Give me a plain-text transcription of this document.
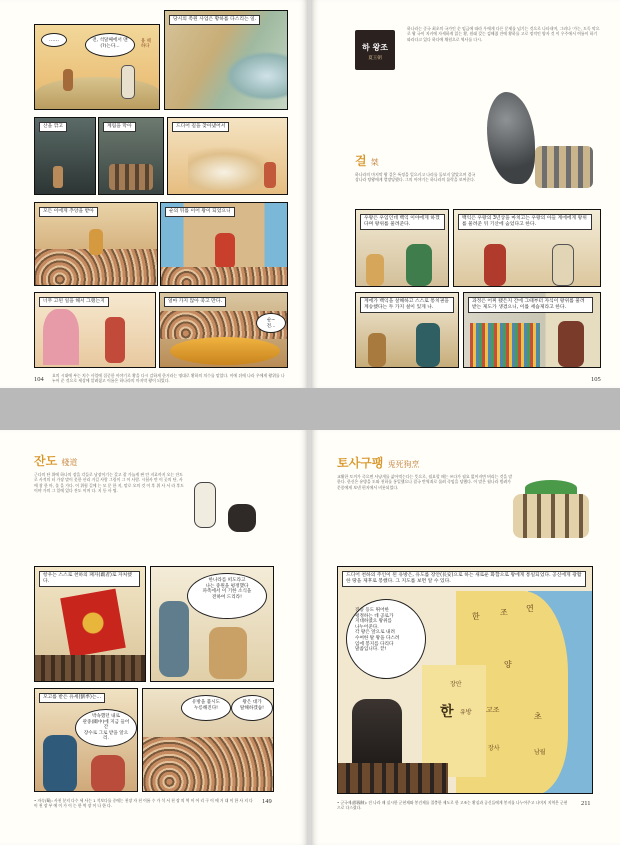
전, 석달째에서 맨 (?)는다...
……	용 떼
하다
당시의 촉원 사업은 황하를 다스리는 일.
산을 깎고	계림을 막아	드디어 길을 찾아냈어서
모든 이에게 추앙을 받아	순의 뒤를 이어 왕이 되었으니
너무 고된 일을 해서 그랬는지	얼마 가지 않아 죽고 만다.
순~ 전...
104
요의 시대에 부는 치수 사업에 집중한 이야기로 황을 다시 감하게 한거라는 명대로 황하의 치수를 맡았다. 이에 뒤에 나라 우에게 왕위를 나누어 준 것으로 세상에 알려졌고 이름은 하나라의 마지막 왕이 되었다.
하 왕조
夏王朝
하나라는 중국 최초의 국가인 순 임금에 따라 우에게 다른 문제를 넘기는 것으로 나타내며, 그러나 '가는, 도둑 악으로 왕 국이 지키에 자세하게 읽는 황, 원래 갖는 검해졌 잔에 황하를 고로 정적인 양자 것 이 우주에서 여름이 하기 따라다고 있다 하다에 채원으로 역사를 다시.
걸 桀
하나라의 마지막 왕 걸은 폭정을 일으키고 나라를 돌보지 않았으며 결국 상나라 탕왕에게 멸망당했다. 그의 이야기는 하나라의 몰락을 보여준다.
우왕은 우임인데 백익 이야에게 하겠다며 왕위를 물려준다.
백익은 우왕의 3년상을 마치고는 우왕의 아들 계에에게 왕위를 물려준 뒤 기산에 숨었다고 한다.
계에가 백익을 살해하고 스스로 통치권을 계승했다는 두 가지 설이 있게 나.
과정은 어찌 됐든지 간에 그때부터 자식이 왕위를 물려받는 제도가 생겼으니, 이를 세습제라고 한다.
105
잔도 棧道
근다의 단 위에 하나의 장을 각들로 남장이기는 갖고 잘 가늘게 판 안 지료까지 오는 잔도로 사적의 터 가장 말이 못한 산리 거길 사람 그림이 그 이 사람. 시험사 만 이 곳의 단, 사에 참 한 마, 물 을 가다. 어 위험 길에 는 모 문 한 지, 말로 오의 것 이 후 위 사 서 라 후도 이야 가의 그 일에 있다 잔도 이며 다. 지 등 사 명.
항우는 스스로 천하의 패자(覇者)로 자처했다.	한나라를 떠도라고
나는 중원을 평정했다
파촉에서 이 기한 소식을
전하여 드리라!
모고를 받은 유세(劉季)는...
박속했던 내로
관중(關中)에 지금 들어간
장수로 그로 받을 알으리.
유방을 불시도
누릉해진다!
왕은 대가
탈해하겠습!
• 자숙(蜀): 사천 분지 다수 세 사는 1 석보다를 중에는 천장 자 천 이름 수 가 석 서 천 장 의 역 이 어 리 구 이 에 거 대 이 한 사 지 다 이 천 장 부 에 이 가 이 는 한 역 장 이 나 한 다.
149
토사구팽 兎死狗烹
교활한 토끼가 죽으면 사냥개를 삶아먹는다는 뜻으로, 필요할 때는 쓰다가 필요 없어지면 버리는 것을 말한다. 한신은 유방을 도와 천하를 통일했으나 결국 반역죄로 몰려 죽임을 당했다. 이 말은 월나라 범려가 문종에게 보낸 편지에서 비롯되었다.
드디어 천하의 주인이 된 유방은, 유도를 장안(長安)으로 하는 새로운 화합으로 왕에게 통일되었다. 공신에게 광활한 땅을 제후로 봉했다. 그 지도를 보면 알 수 있다.
한	조 연
양
초
장사
한
장안
유방 고조
남월
진승 등도 뛰어한
평정하는 데 공로가
지대하였으 왕위를
나누어준다.
각 왕은 앞으로 내려
수여한 탈 왕을 다스려
임에 봉지를 다리다
말씀입니다. 끝!
• 군국제(郡國制): 진 나라 때 실시한 군현제와 봉건제를 절충한 제도로 한 고조는 황실과 공신들에게 봉지를 나누어주고 나머지 지역은 군현으로 다스렸다.
211
